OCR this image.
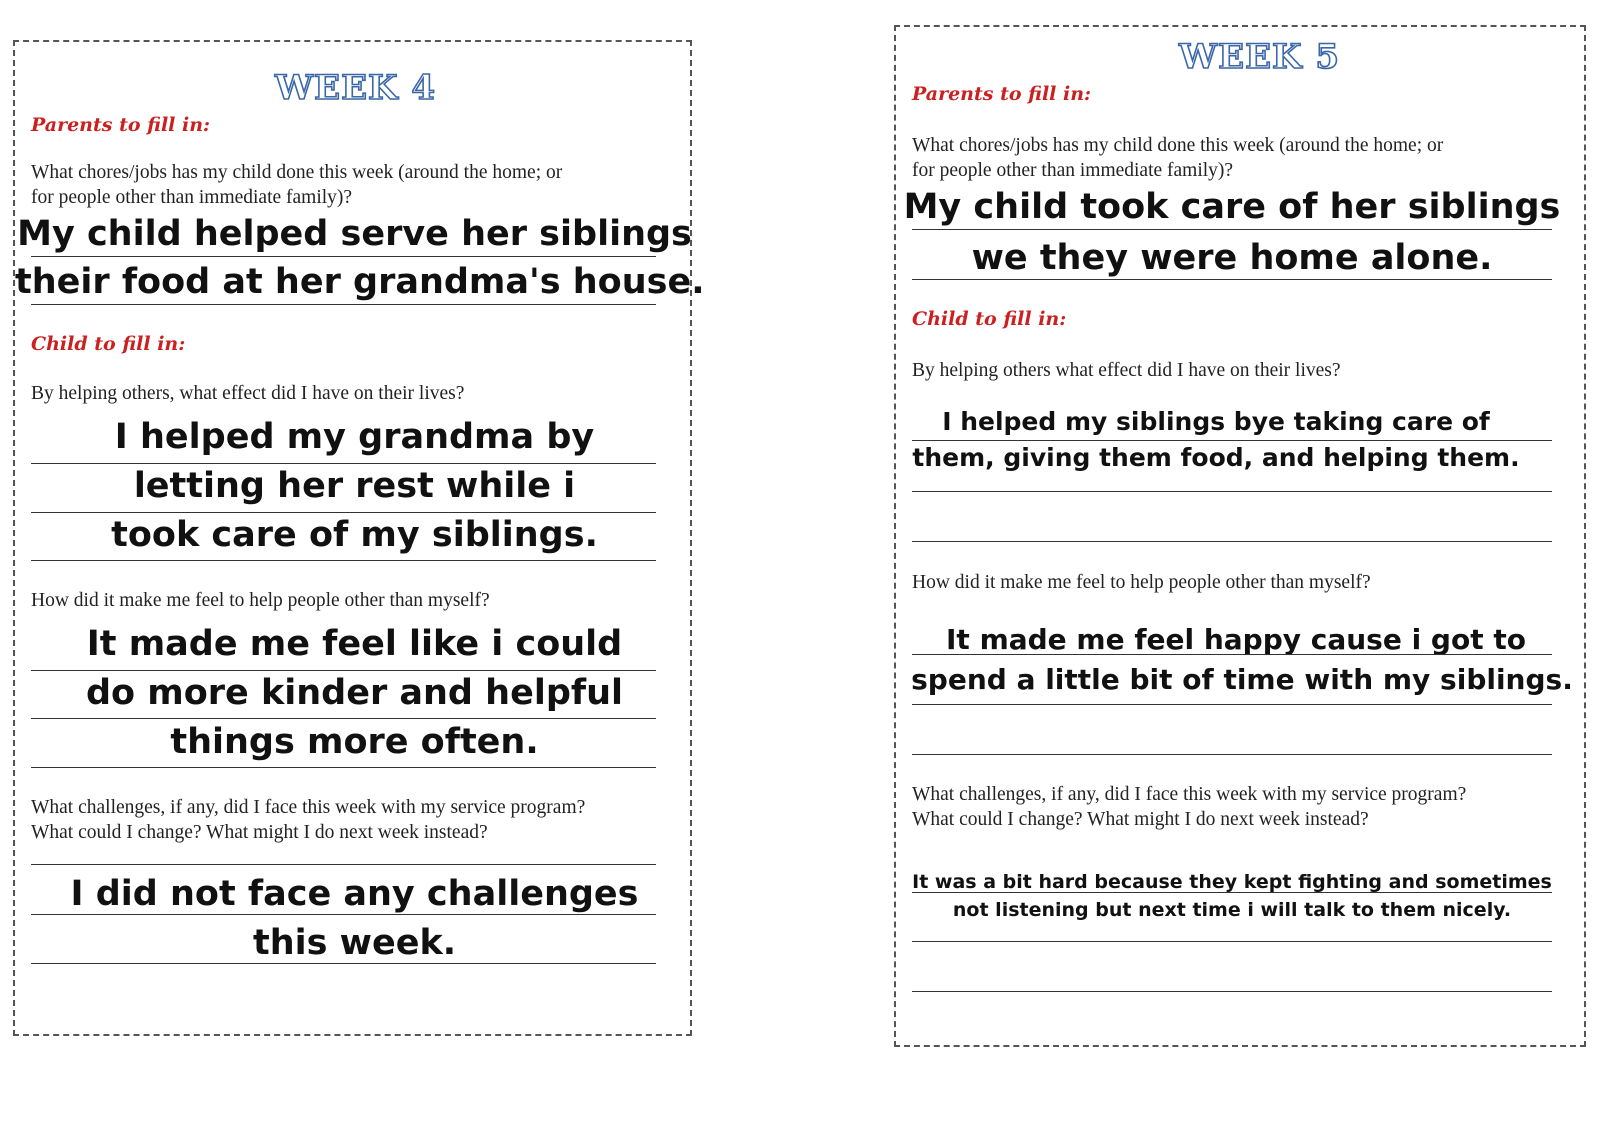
WEEK 4
Parents to fill in:
What chores/jobs has my child done this week (around the home; or
for people other than immediate family)?
My child helped serve her siblings
their food at her grandma's house.
Child to fill in:
By helping others, what effect did I have on their lives?
I helped my grandma by
letting her rest while i
took care of my siblings.
How did it make me feel to help people other than myself?
It made me feel like i could
do more kinder and helpful
things more often.
What challenges, if any, did I face this week with my service program?
What could I change? What might I do next week instead?
I did not face any challenges
this week.
WEEK 5
Parents to fill in:
What chores/jobs has my child done this week (around the home; or
for people other than immediate family)?
My child took care of her siblings
we they were home alone.
Child to fill in:
By helping others what effect did I have on their lives?
I helped my siblings bye taking care of
them, giving them food, and helping them.
How did it make me feel to help people other than myself?
It made me feel happy cause i got to
spend a little bit of time with my siblings.
What challenges, if any, did I face this week with my service program?
What could I change? What might I do next week instead?
It was a bit hard because they kept fighting and sometimes
not listening but next time i will talk to them nicely.
